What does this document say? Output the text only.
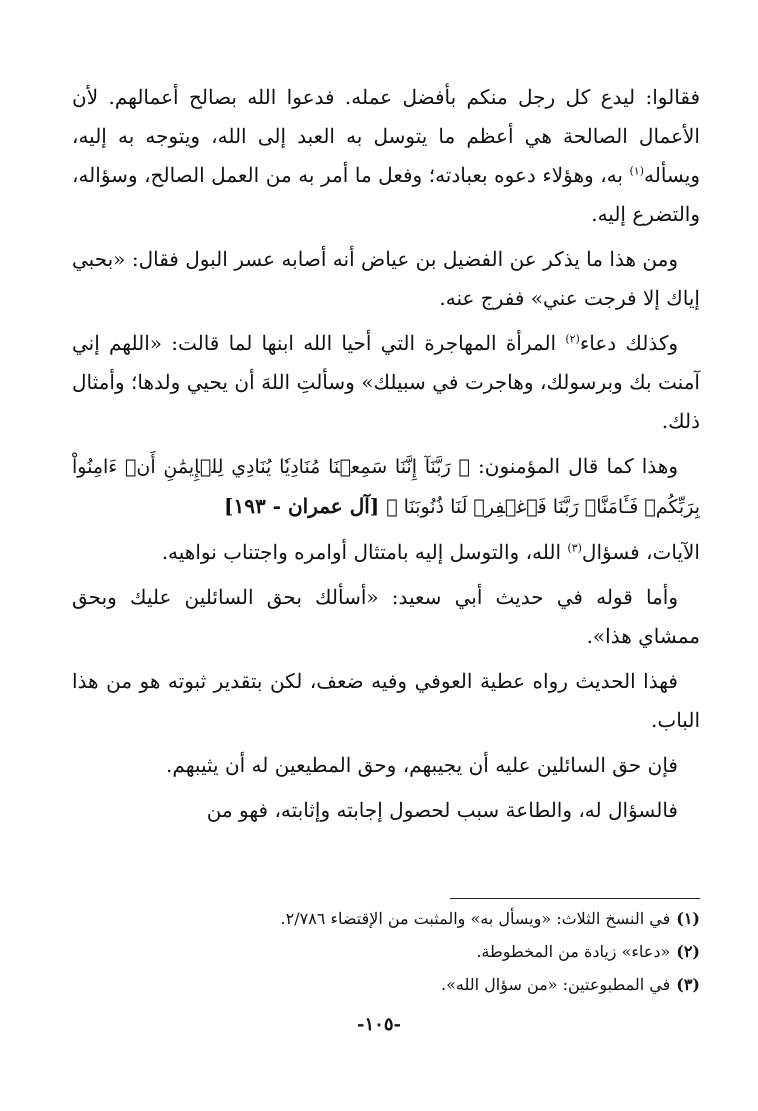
فقالوا: ليدع كل رجل منكم بأفضل عمله. فدعوا الله بصالح أعمالهم. لأن الأعمال الصالحة هي أعظم ما يتوسل به العبد إلى الله، ويتوجه به إليه، ويسأله$^{(١)}$ به، وهؤلاء دعوه بعبادته؛ وفعل ما أمر به من العمل الصالح، وسؤاله، والتضرع إليه.

ومن هذا ما يذكر عن الفضيل بن عياض أنه أصابه عسر البول فقال: «بحبي إياك إلا فرجت عني» ففرج عنه.

وكذلك دعاء$^{(٢)}$ المرأة المهاجرة التي أحيا الله ابنها لما قالت: «اللهم إني آمنت بك وبرسولك، وهاجرت في سبيلك» وسألتِ اللهَ أن يحيي ولدها؛ وأمثال ذلك.

وهذا كما قال المؤمنون: ﴿ رَبَّنَآ إِنَّنَا سَمِعۡنَا مُنَادِيٗا يُنَادِي لِلۡإِيمَٰنِ أَنۡ ءَامِنُواْ بِرَبِّكُمۡ فَـَٔامَنَّاۚ رَبَّنَا فَٱغۡفِرۡ لَنَا ذُنُوبَنَا ﴾ [آل عمران - ١٩٣]

الآيات، فسؤال$^{(٣)}$ الله، والتوسل إليه بامتثال أوامره واجتناب نواهيه.

وأما قوله في حديث أبي سعيد: «أسألك بحق السائلين عليك وبحق ممشاي هذا».

فهذا الحديث رواه عطية العوفي وفيه ضعف، لكن بتقدير ثبوته هو من هذا الباب.

فإن حق السائلين عليه أن يجيبهم، وحق المطيعين له أن يثيبهم.

فالسؤال له، والطاعة سبب لحصول إجابته وإثابته، فهو من

(١)في النسخ الثلاث: «ويسأل به» والمثبت من الإقتضاء ٢/٧٨٦.
(٢)«دعاء» زيادة من المخطوطة.
(٣)في المطبوعتين: «من سؤال الله».
-١٠٥-
